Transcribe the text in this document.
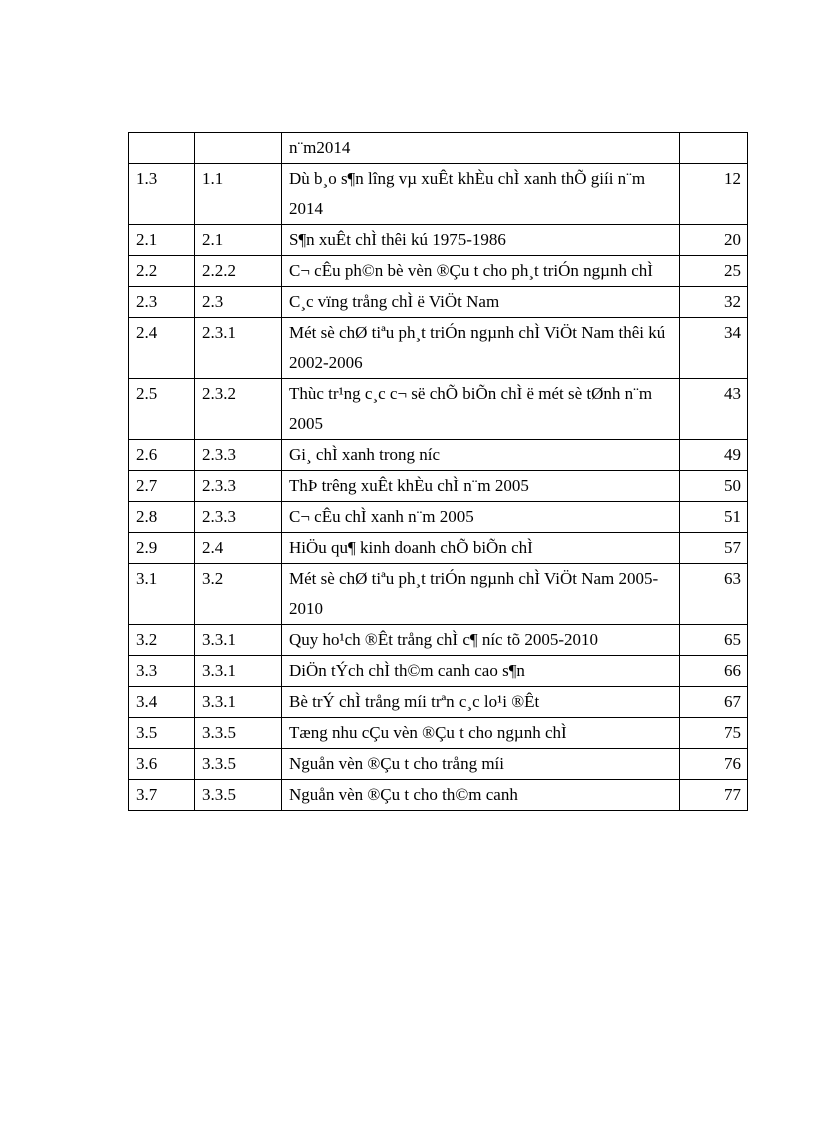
		n¨m2014	
1.3	1.1	Dù b¸o s¶n lîng vµ xuÊt khÈu chÌ xanh thÕ giíi n¨m 2014	12
2.1	2.1	S¶n xuÊt chÌ thêi kú 1975-1986	20
2.2	2.2.2	C¬ cÊu ph©n bè vèn ®Çu t cho ph¸t triÓn ngµnh chÌ	25
2.3	2.3	C¸c vïng trång chÌ ë ViÖt Nam	32
2.4	2.3.1	Mét sè chØ tiªu ph¸t triÓn ngµnh chÌ ViÖt Nam thêi kú 2002-2006	34
2.5	2.3.2	Thùc tr¹ng c¸c c¬ së chÕ biÕn chÌ ë mét sè tØnh n¨m 2005	43
2.6	2.3.3	Gi¸ chÌ xanh trong níc	49
2.7	2.3.3	ThÞ trêng xuÊt khÈu chÌ n¨m 2005	50
2.8	2.3.3	C¬ cÊu chÌ xanh n¨m 2005	51
2.9	2.4	HiÖu qu¶ kinh doanh chÕ biÕn chÌ	57
3.1	3.2	Mét sè chØ tiªu ph¸t triÓn ngµnh chÌ ViÖt Nam 2005-2010	63
3.2	3.3.1	Quy ho¹ch ®Êt trång chÌ c¶ níc tõ 2005-2010	65
3.3	3.3.1	DiÖn tÝch chÌ th©m canh cao s¶n	66
3.4	3.3.1	Bè trÝ chÌ trång míi trªn c¸c lo¹i ®Êt	67
3.5	3.3.5	Tæng nhu cÇu vèn ®Çu t cho ngµnh chÌ	75
3.6	3.3.5	Nguån vèn ®Çu t cho trång míi	76
3.7	3.3.5	Nguån vèn ®Çu t cho th©m canh	77
